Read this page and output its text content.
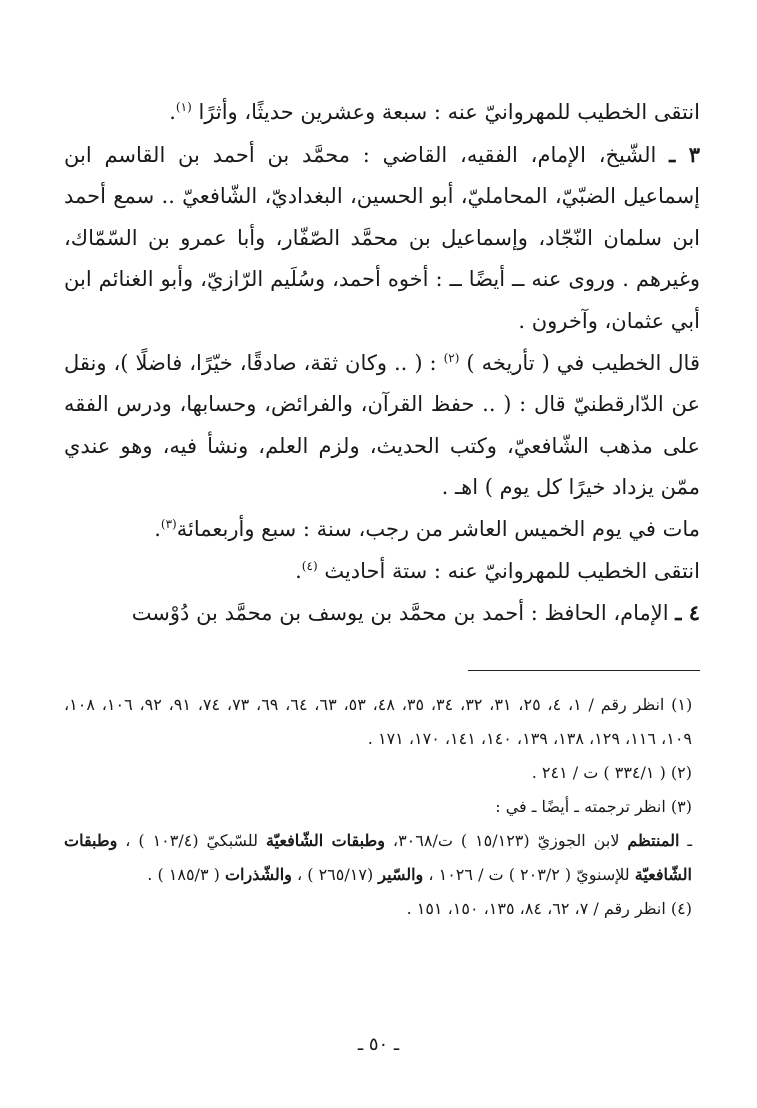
انتقى الخطيب للمهروانيّ عنه : سبعة وعشرين حديثًا، وأثرًا $^{(١)}$.

٣ ـ الشّيخ، الإمام، الفقيه، القاضي : محمَّد بن أحمد بن القاسم ابن إسماعيل الضبّيّ، المحامليّ، أبو الحسين، البغداديّ، الشّافعيّ .. سمع أحمد ابن سلمان النّجّاد، وإسماعيل بن محمَّد الصّفّار، وأبا عمرو بن السّمّاك، وغيرهم . وروى عنه ــ أيضًا ــ : أخوه أحمد، وسُلَيم الرّازيّ، وأبو الغنائم ابن أبي عثمان، وآخرون .

قال الخطيب في ( تأريخه ) $^{(٢)}$ : ( .. وكان ثقة، صادقًا، خيّرًا، فاضلًا )، ونقل عن الدّارقطنيّ قال : ( .. حفظ القرآن، والفرائض، وحسابها، ودرس الفقه على مذهب الشّافعيّ، وكتب الحديث، ولزم العلم، ونشأ فيه، وهو عندي ممّن يزداد خيرًا كل يوم ) اهـ .

مات في يوم الخميس العاشر من رجب، سنة : سبع وأربعمائة$^{(٣)}$.

انتقى الخطيب للمهروانيّ عنه : ستة أحاديث $^{(٤)}$.

٤ ـ الإمام، الحافظ : أحمد بن محمَّد بن يوسف بن محمَّد بن دُوْست

(١) انظر رقم / ١، ٤، ٢٥، ٣١، ٣٢، ٣٤، ٣٥، ٤٨، ٥٣، ٦٣، ٦٤، ٦٩، ٧٣، ٧٤، ٩١، ٩٢، ١٠٦، ١٠٨، ١٠٩، ١١٦، ١٢٩، ١٣٨، ١٣٩، ١٤٠، ١٤١، ١٧٠، ١٧١ .

(٢) ( ٣٣٤/١ ) ت / ٢٤١ .

(٣) انظر ترجمته ـ أيضًا ـ في :

ـ المنتظم لابن الجوزيّ (١٥/١٢٣ ) ت/٣٠٦٨، وطبقات الشّافعيّة للسّبكيّ (١٠٣/٤ ) ، وطبقات الشّافعيّة للإسنويّ ( ٢٠٣/٢ ) ت / ١٠٢٦ ، والسّير (٢٦٥/١٧ ) ، والشّذرات ( ١٨٥/٣ ) .

(٤) انظر رقم / ٧، ٦٢، ٨٤، ١٣٥، ١٥٠، ١٥١ .

ـ ٥٠ ـ
